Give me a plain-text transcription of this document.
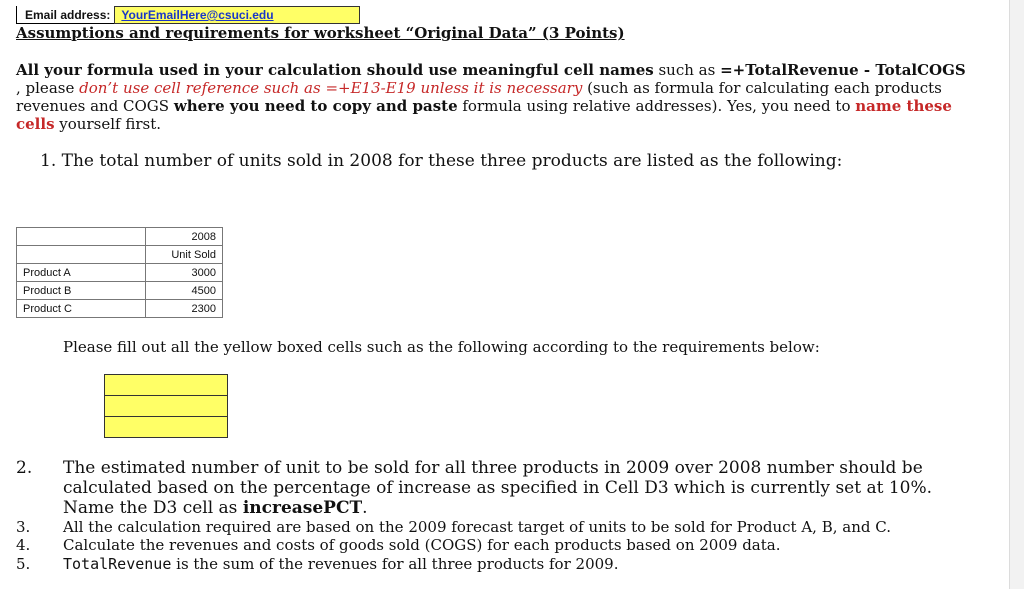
Email address: YourEmailHere@csuci.edu
Assumptions and requirements for worksheet “Original Data” (3 Points)
All your formula used in your calculation should use meaningful cell names such as =+TotalRevenue - TotalCOGS , please don’t use cell reference such as =+E13-E19 unless it is necessary (such as formula for calculating each products revenues and COGS where you need to copy and paste formula using relative addresses). Yes, you need to name these cells yourself first.
1. The total number of units sold in 2008 for these three products are listed as the following:
	2008
	Unit Sold
Product A	3000
Product B	4500
Product C	2300
Please fill out all the yellow boxed cells such as the following according to the requirements below:
2.	The estimated number of unit to be sold for all three products in 2009 over 2008 number should be calculated based on the percentage of increase as specified in Cell D3 which is currently set at 10%. Name the D3 cell as increasePCT.
3.	All the calculation required are based on the 2009 forecast target of units to be sold for Product A, B, and C.
4.	Calculate the revenues and costs of goods sold (COGS) for each products based on 2009 data.
5.	TotalRevenue is the sum of the revenues for all three products for 2009.
